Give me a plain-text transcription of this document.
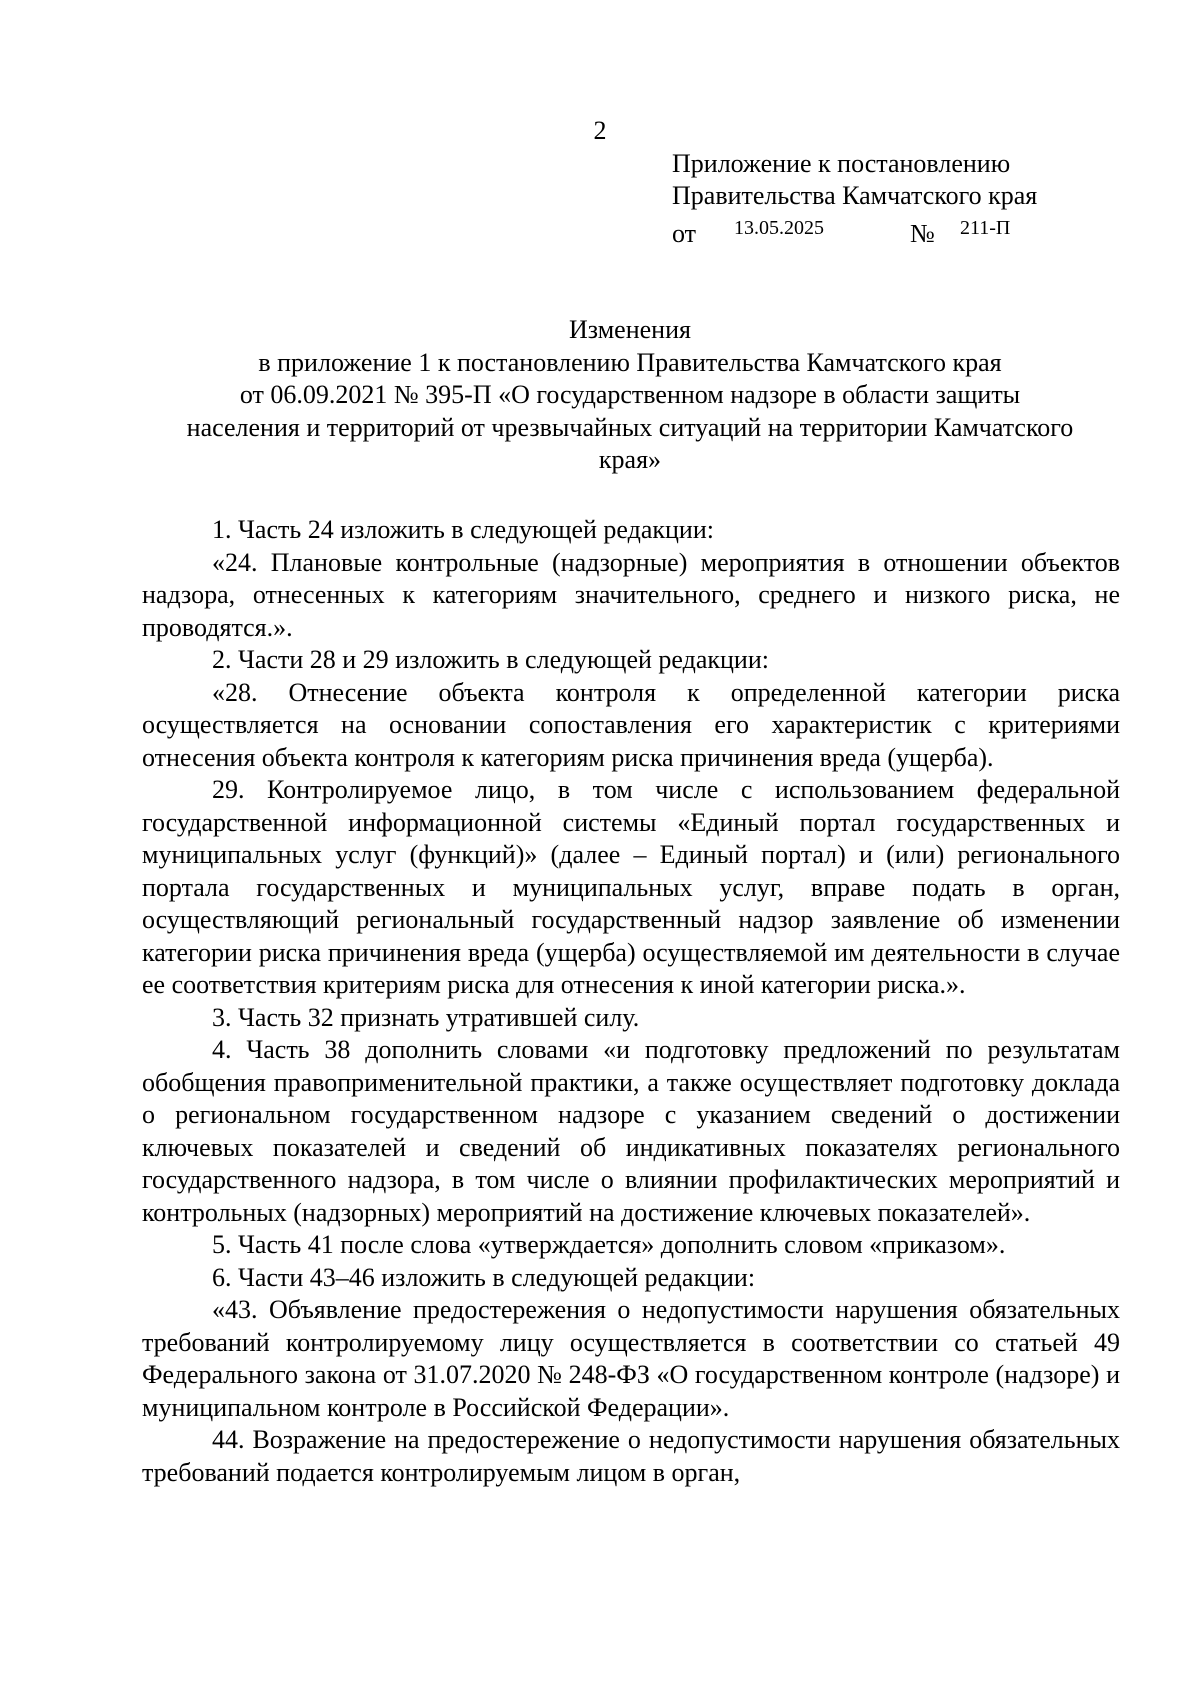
2
Приложение к постановлению
Правительства Камчатского края
от 13.05.2025	№ 211-П
Изменения
в приложение 1 к постановлению Правительства Камчатского края
от 06.09.2021 № 395-П «О государственном надзоре в области защиты
населения и территорий от чрезвычайных ситуаций на территории Камчатского
края»

1. Часть 24 изложить в следующей редакции:

«24. Плановые контрольные (надзорные) мероприятия в отношении объектов надзора, отнесенных к категориям значительного, среднего и низкого риска, не проводятся.».

2. Части 28 и 29 изложить в следующей редакции:

«28. Отнесение объекта контроля к определенной категории риска осуществляется на основании сопоставления его характеристик с критериями отнесения объекта контроля к категориям риска причинения вреда (ущерба).

29. Контролируемое лицо, в том числе с использованием федеральной государственной информационной системы «Единый портал государственных и муниципальных услуг (функций)» (далее – Единый портал) и (или) регионального портала государственных и муниципальных услуг, вправе подать в орган, осуществляющий региональный государственный надзор заявление об изменении категории риска причинения вреда (ущерба) осуществляемой им деятельности в случае ее соответствия критериям риска для отнесения к иной категории риска.».

3. Часть 32 признать утратившей силу.

4. Часть 38 дополнить словами «и подготовку предложений по результатам обобщения правоприменительной практики, а также осуществляет подготовку доклада о региональном государственном надзоре с указанием сведений о достижении ключевых показателей и сведений об индикативных показателях регионального государственного надзора, в том числе о влиянии профилактических мероприятий и контрольных (надзорных) мероприятий на достижение ключевых показателей».

5. Часть 41 после слова «утверждается» дополнить словом «приказом».

6. Части 43–46 изложить в следующей редакции:

«43. Объявление предостережения о недопустимости нарушения обязательных требований контролируемому лицу осуществляется в соответствии со статьей 49 Федерального закона от 31.07.2020 № 248-ФЗ «О государственном контроле (надзоре) и муниципальном контроле в Российской Федерации».

44. Возражение на предостережение о недопустимости нарушения обязательных требований подается контролируемым лицом в орган,
